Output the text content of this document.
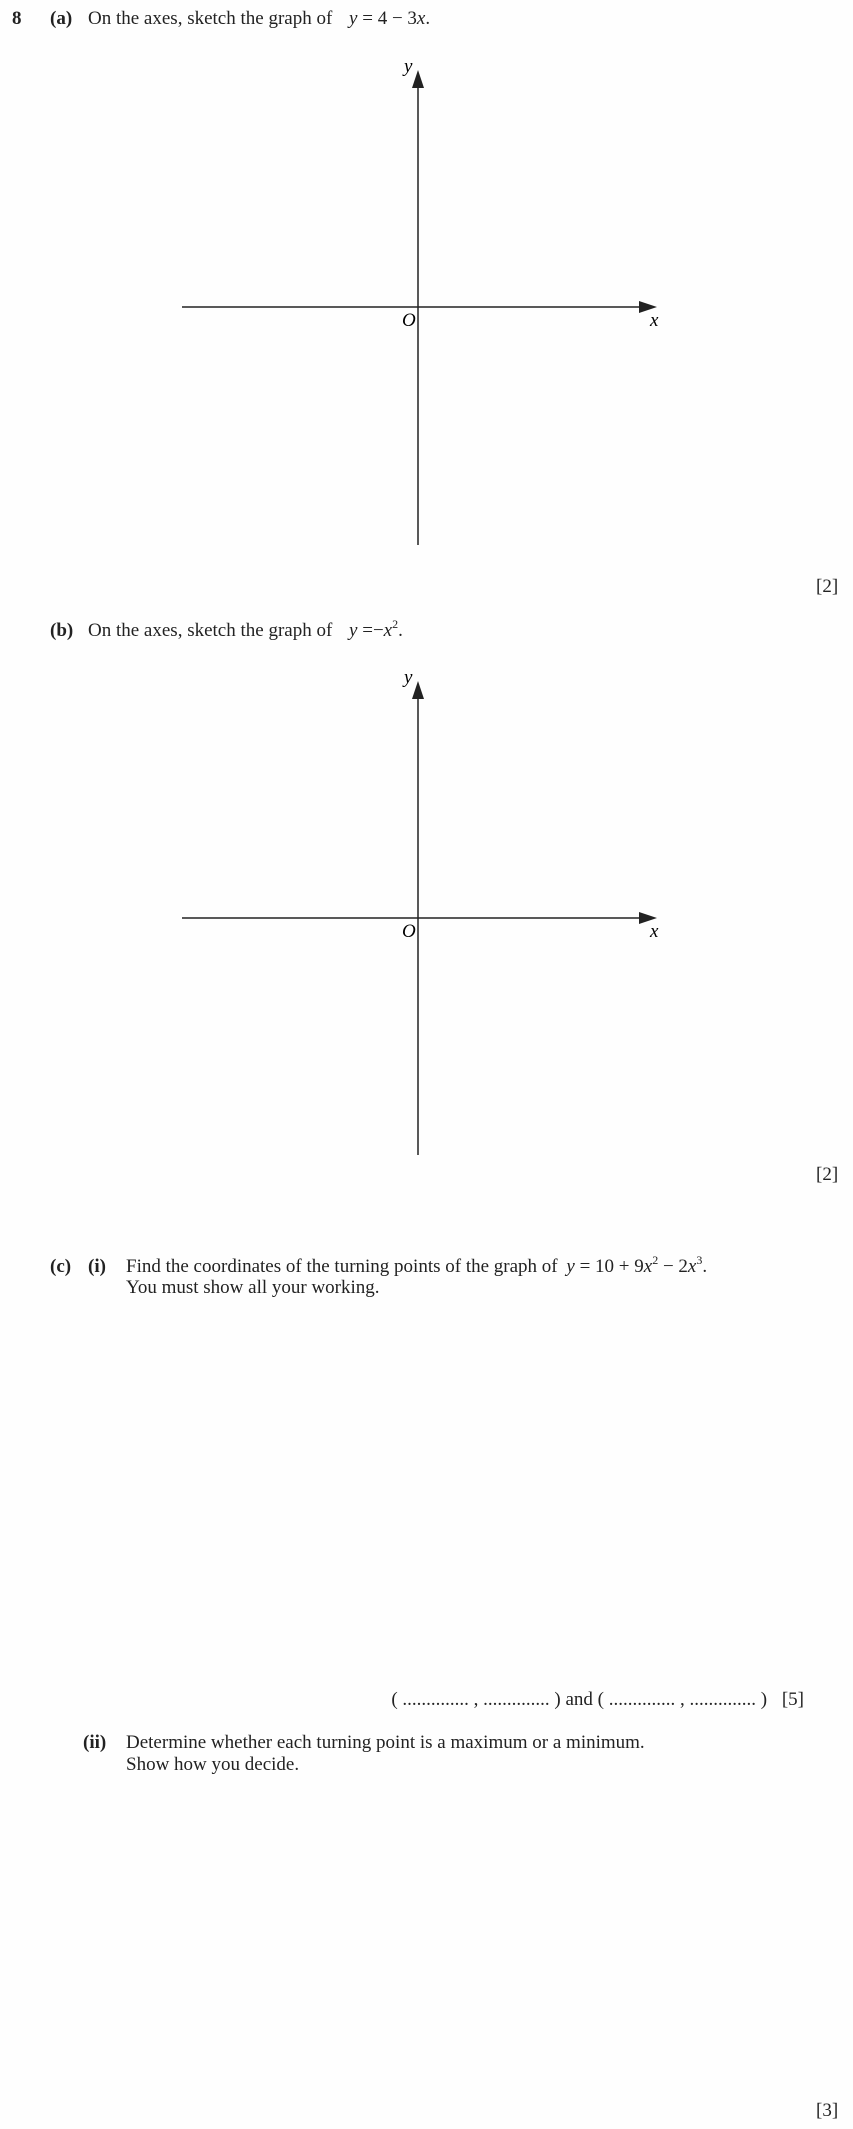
8 (a) On the axes, sketch the graph of y = 4 − 3x.
y
x
O
[2]
(b) On the axes, sketch the graph of $y =-x^2$.
y
x
O
[2]
(c) (i) Find the coordinates of the turning points of the graph of $y = 10 + 9x^2 - 2x^3$.
You must show all your working.
( .............. , .............. ) and ( .............. , .............. ) [5]
(ii) Determine whether each turning point is a maximum or a minimum.
Show how you decide.
[3]
